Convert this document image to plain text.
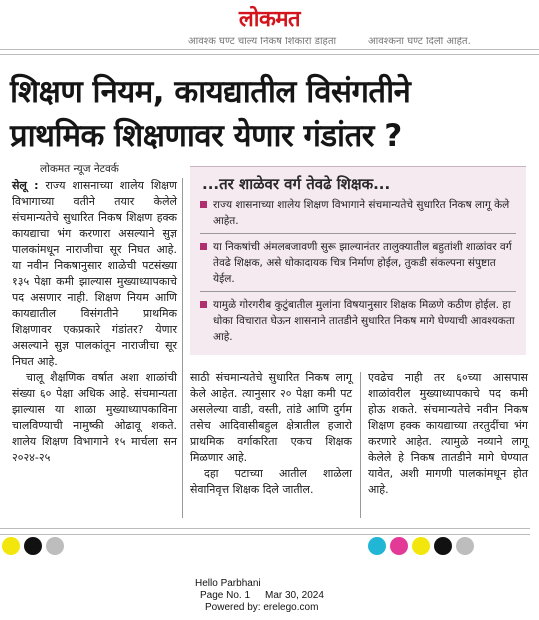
लोकमत
आवश्क घण्ट चाल्य निकष शिकारा डाहता	आवश्कना घण्ट दिली आहेत.
शिक्षण नियम, कायद्यातील विसंगतीने
प्राथमिक शिक्षणावर येणार गंडांतर ?
लोकमत न्यूज नेटवर्क

सेलू : राज्य शासनाच्या शालेय शिक्षण विभागाच्या वतीने तयार केलेले संचमान्यतेचे सुधारित निकष शिक्षण हक्क कायद्याचा भंग करणारा असल्याने सुज्ञ पालकांमधून नाराजीचा सूर निघत आहे. या नवीन निकषानुसार शाळेची पटसंख्या १३५ पेक्षा कमी झाल्यास मुख्याध्यापकाचे पद असणार नाही. शिक्षण नियम आणि कायद्यातील विसंगतीने प्राथमिक शिक्षणावर एकप्रकारे गंडांतर? येणार असल्याने सुज्ञ पालकांतून नाराजीचा सूर निघत आहे.

चालू शैक्षणिक वर्षात अशा शाळांची संख्या ६० पेक्षा अधिक आहे. संचमान्यता झाल्यास या शाळा मुख्याध्यापकाविना चालविण्याची नामुष्की ओढावू शकते. शालेय शिक्षण विभागाने १५ मार्चला सन २०२४-२५

...तर शाळेवर वर्ग तेवढे शिक्षक...
राज्य शासनाच्या शालेय शिक्षण विभागाने संचमान्यतेचे सुधारित निकष लागू केले आहेत.
या निकषांची अंमलबजावणी सुरू झाल्यानंतर तालुक्यातील बहुतांशी शाळांवर वर्ग तेवढे शिक्षक, असे धोकादायक चित्र निर्माण होईल, तुकडी संकल्पना संपुष्टात येईल.
यामुळे गोरगरीब कुटुंबातील मुलांना विषयानुसार शिक्षक मिळणे कठीण होईल. हा धोका विचारात घेऊन शासनाने तातडीने सुधारित निकष मागे घेण्याची आवश्यकता आहे.

साठी संचमान्यतेचे सुधारित निकष लागू केले आहेत. त्यानुसार २० पेक्षा कमी पट असलेल्या वाडी, वस्ती, तांडे आणि दुर्गम तसेच आदिवासीबहुल क्षेत्रातील हजारो प्राथमिक वर्गाकरिता एकच शिक्षक मिळणार आहे.

दहा पटाच्या आतील शाळेला सेवानिवृत्त शिक्षक दिले जातील.

एवढेच नाही तर ६०च्या आसपास शाळांवरील मुख्याध्यापकाचे पद कमी होऊ शकते. संचमान्यतेचे नवीन निकष शिक्षण हक्क कायद्याच्या तरतुदींचा भंग करणारे आहेत. त्यामुळे नव्याने लागू केलेले हे निकष तातडीने मागे घेण्यात यावेत, अशी मागणी पालकांमधून होत आहे.

Hello Parbhani
Page No. 1 Mar 30, 2024
Powered by: erelego.com
